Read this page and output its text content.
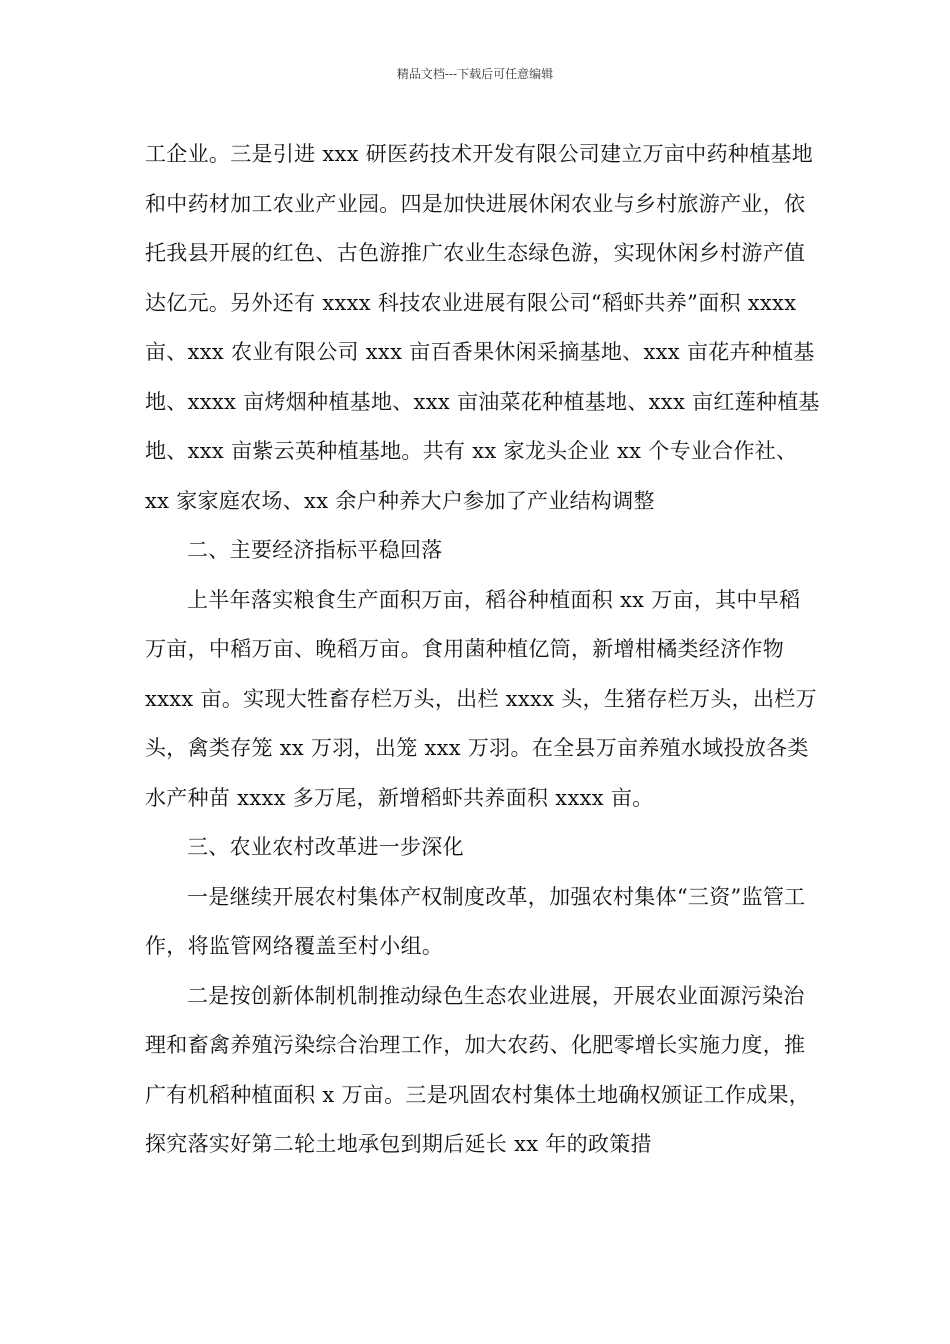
精品文档---下载后可任意编辑

工企业。三是引进 xxx 研医药技术开发有限公司建立万亩中药种植基地和中药材加工农业产业园。四是加快进展休闲农业与乡村旅游产业，依托我县开展的红色、古色游推广农业生态绿色游，实现休闲乡村游产值达亿元。另外还有 xxxx 科技农业进展有限公司“稻虾共养”面积 xxxx 亩、xxx 农业有限公司 xxx 亩百香果休闲采摘基地、xxx 亩花卉种植基地、xxxx 亩烤烟种植基地、xxx 亩油菜花种植基地、xxx 亩红莲种植基地、xxx 亩紫云英种植基地。共有 xx 家龙头企业 xx 个专业合作社、xx 家家庭农场、xx 余户种养大户参加了产业结构调整

二、主要经济指标平稳回落

上半年落实粮食生产面积万亩，稻谷种植面积 xx 万亩，其中早稻万亩，中稻万亩、晚稻万亩。食用菌种植亿筒，新增柑橘类经济作物 xxxx 亩。实现大牲畜存栏万头，出栏 xxxx 头，生猪存栏万头，出栏万头，禽类存笼 xx 万羽，出笼 xxx 万羽。在全县万亩养殖水域投放各类水产种苗 xxxx 多万尾，新增稻虾共养面积 xxxx 亩。

三、农业农村改革进一步深化

一是继续开展农村集体产权制度改革，加强农村集体“三资”监管工作，将监管网络覆盖至村小组。

二是按创新体制机制推动绿色生态农业进展，开展农业面源污染治理和畜禽养殖污染综合治理工作，加大农药、化肥零增长实施力度，推广有机稻种植面积 x 万亩。三是巩固农村集体土地确权颁证工作成果，探究落实好第二轮土地承包到期后延长 xx 年的政策措
